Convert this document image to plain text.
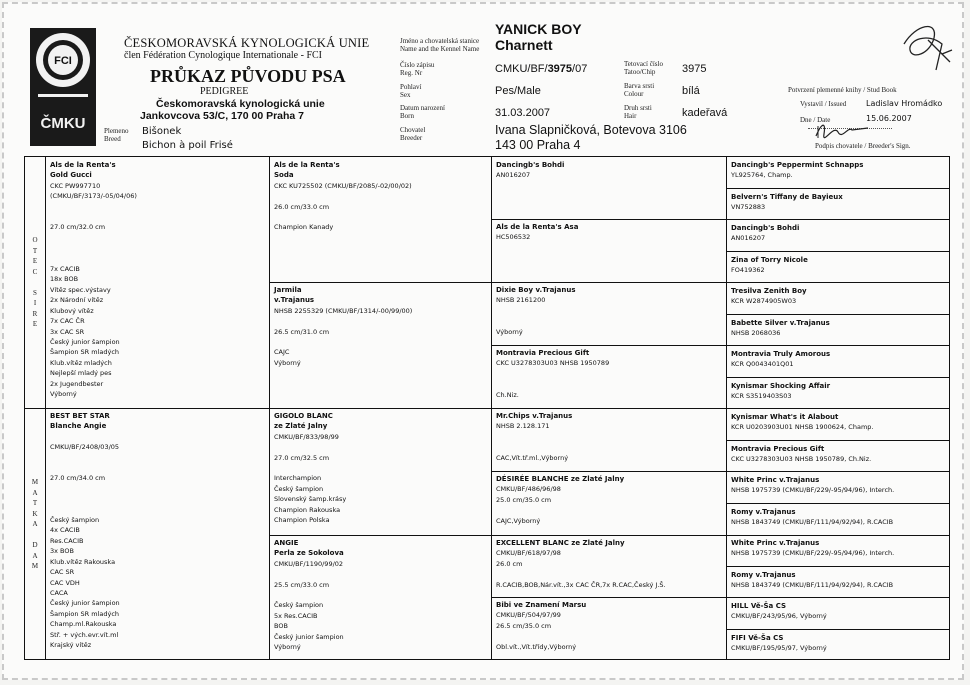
FCI
ČMKU
ČESKOMORAVSKÁ KYNOLOGICKÁ UNIE
člen Fédération Cynologique Internationale - FCI
PRŮKAZ PŮVODU PSA
PEDIGREE
Českomoravská kynologická unie
Jankovcova 53/C, 170 00 Praha 7
Plemeno
Breed
Bišonek
Bichon à poil Frisé
Jméno a chovatelská stanice
Name and the Kennel Name
Číslo zápisu
Reg. Nr
Pohlaví
Sex
Datum narození
Born
Chovatel
Breeder
YANICK BOY
Charnett
CMKU/BF/3975/07
Pes/Male
31.03.2007
Ivana Slapničková, Botevova 3106
143 00 Praha 4
Tetovací číslo
Tatoo/Chip
Barva srsti
Colour
Druh srsti
Hair
3975
bílá
kadeřavá
Potvrzení plemenné knihy / Stud Book
Vystavil / Issued Ladislav Hromádko
Dne / Date	15.06.2007
Podpis chovatele / Breeder's Sign.
O
T
E
C

S
I
R
E
M
A
T
K
A

D
A
M
Als de la Renta's
Gold Gucci
CKC PW997710
(CMKU/BF/3173/-05/04/06)

27.0 cm/32.0 cm

7x CACIB
18x BOB
Vítěz spec.výstavy
2x Národní vítěz
Klubový vítěz
7x CAC ČR
3x CAC SR
Český junior šampion
Šampion SR mladých
Klub.vítěz mladých
Nejlepší mladý pes
2x Jugendbester
Výborný
BEST BET STAR
Blanche Angie

CMKU/BF/2408/03/05

27.0 cm/34.0 cm

Český šampion
4x CACIB
Res.CACIB
3x BOB
Klub.vítěz Rakouska
CAC SR
CAC VDH
CACA
Český junior šampion
Šampion SR mladých
Champ.ml.Rakouska
Stř. + vých.evr.vít.ml
Krajský vítěz
Als de la Renta's
Soda
CKC KU725502 (CMKU/BF/2085/-02/00/02)

26.0 cm/33.0 cm

Champion Kanady
Jarmila
v.Trajanus
NHSB 2255329 (CMKU/BF/1314/-00/99/00)

26.5 cm/31.0 cm

CAJC
Výborný
GIGOLO BLANC
ze Zlaté Jalny
CMKU/BF/833/98/99

27.0 cm/32.5 cm

Interchampion
Český šampion
Slovenský šamp.krásy
Champion Rakouska
Champion Polska
ANGIE
Perla ze Sokolova
CMKU/BF/1190/99/02

25.5 cm/33.0 cm

Český šampion
5x Res.CACIB
BOB
Český junior šampion
Výborný
Dancingb's Bohdi
AN016207
Als de la Renta's Asa
HC506532
Dixie Boy v.Trajanus
NHSB 2161200

Výborný
Montravia Precious Gift
CKC U3278303U03 NHSB 1950789

Ch.Niz.
Mr.Chips v.Trajanus
NHSB 2.128.171

CAC,Vít.tř.ml.,Výborný
DÉSIRÉE BLANCHE ze Zlaté Jalny
CMKU/BF/486/96/98
25.0 cm/35.0 cm

CAJC,Výborný
EXCELLENT BLANC ze Zlaté Jalny
CMKU/BF/618/97/98
26.0 cm

R.CACIB,BOB,Nár.vít.,3x CAC ČR,7x R.CAC,Český J.Š.
Bibi ve Znamení Marsu
CMKU/BF/504/97/99
26.5 cm/35.0 cm

Obl.vít.,Vít.třídy,Výborný
Dancingb's Peppermint Schnapps
YL925764, Champ.
Belvern's Tiffany de Bayieux
VN752883
Dancingb's Bohdi
AN016207
Zina of Torry Nicole
FO419362
Tresilva Zenith Boy
KCR W2874905W03
Babette Silver v.Trajanus
NHSB 2068036
Montravia Truly Amorous
KCR Q0043401Q01
Kynismar Shocking Affair
KCR S3519403S03
Kynismar What's it Alabout
KCR U0203903U01 NHSB 1900624, Champ.
Montravia Precious Gift
CKC U3278303U03 NHSB 1950789, Ch.Niz.
White Princ v.Trajanus
NHSB 1975739 (CMKU/BF/229/-95/94/96), Interch.
Romy v.Trajanus
NHSB 1843749 (CMKU/BF/111/94/92/94), R.CACIB
White Princ v.Trajanus
NHSB 1975739 (CMKU/BF/229/-95/94/96), Interch.
Romy v.Trajanus
NHSB 1843749 (CMKU/BF/111/94/92/94), R.CACIB
HILL Vě-Ša CS
CMKU/BF/243/95/96, Výborný
FIFI Vě-Ša CS
CMKU/BF/195/95/97, Výborný
